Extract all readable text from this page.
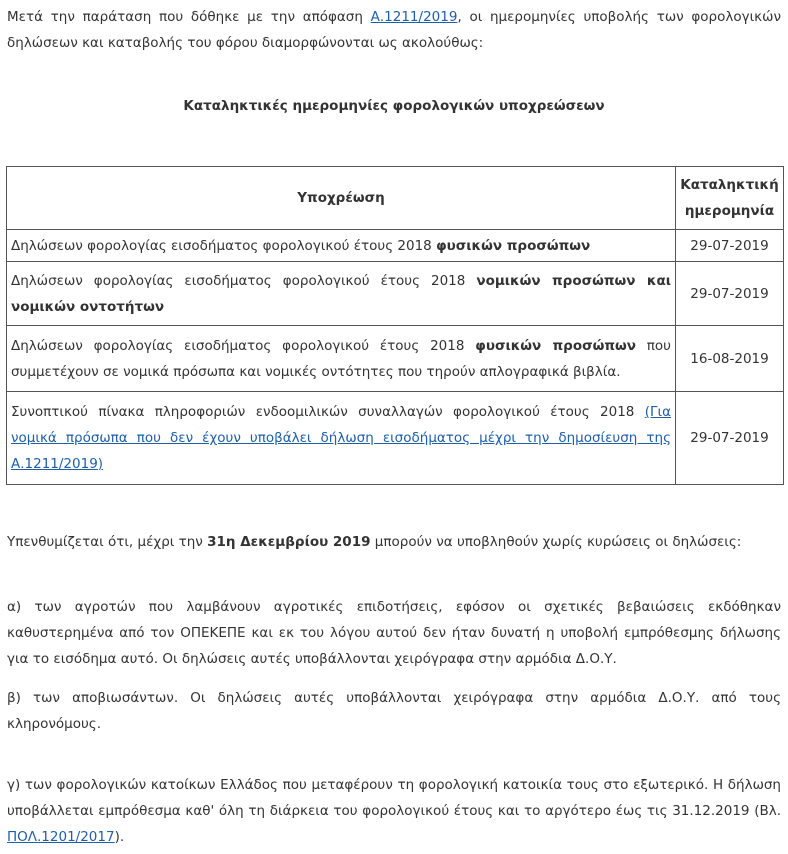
Μετά την παράταση που δόθηκε με την απόφαση Α.1211/2019, οι ημερομηνίες υποβολής των φορολογικών δηλώσεων και καταβολής του φόρου διαμορφώνονται ως ακολούθως:

Καταληκτικές ημερομηνίες φορολογικών υποχρεώσεων
Υποχρέωση	Καταληκτική ημερομηνία
Δηλώσεων φορολογίας εισοδήματος φορολογικού έτους 2018 φυσικών προσώπων	29-07-2019
Δηλώσεων φορολογίας εισοδήματος φορολογικού έτους 2018 νομικών προσώπων και νομικών οντοτήτων	29-07-2019
Δηλώσεων φορολογίας εισοδήματος φορολογικού έτους 2018 φυσικών προσώπων που συμμετέχουν σε νομικά πρόσωπα και νομικές οντότητες που τηρούν απλογραφικά βιβλία.	16-08-2019
Συνοπτικού πίνακα πληροφοριών ενδοομιλικών συναλλαγών φορολογικού έτους 2018 (Για νομικά πρόσωπα που δεν έχουν υποβάλει δήλωση εισοδήματος μέχρι την δημοσίευση της Α.1211/2019)	29-07-2019

Υπενθυμίζεται ότι, μέχρι την 31η Δεκεμβρίου 2019 μπορούν να υποβληθούν χωρίς κυρώσεις οι δηλώσεις:

α) των αγροτών που λαμβάνουν αγροτικές επιδοτήσεις, εφόσον οι σχετικές βεβαιώσεις εκδόθηκαν καθυστερημένα από τον ΟΠΕΚΕΠΕ και εκ του λόγου αυτού δεν ήταν δυνατή η υποβολή εμπρόθεσμης δήλωσης για το εισόδημα αυτό. Οι δηλώσεις αυτές υποβάλλονται χειρόγραφα στην αρμόδια Δ.Ο.Υ.

β) των αποβιωσάντων. Οι δηλώσεις αυτές υποβάλλονται χειρόγραφα στην αρμόδια Δ.Ο.Υ. από τους κληρονόμους.

γ) των φορολογικών κατοίκων Ελλάδος που μεταφέρουν τη φορολογική κατοικία τους στο εξωτερικό. Η δήλωση υποβάλλεται εμπρόθεσμα καθ' όλη τη διάρκεια του φορολογικού έτους και το αργότερο έως τις 31.12.2019 (Βλ. ΠΟΛ.1201/2017).
